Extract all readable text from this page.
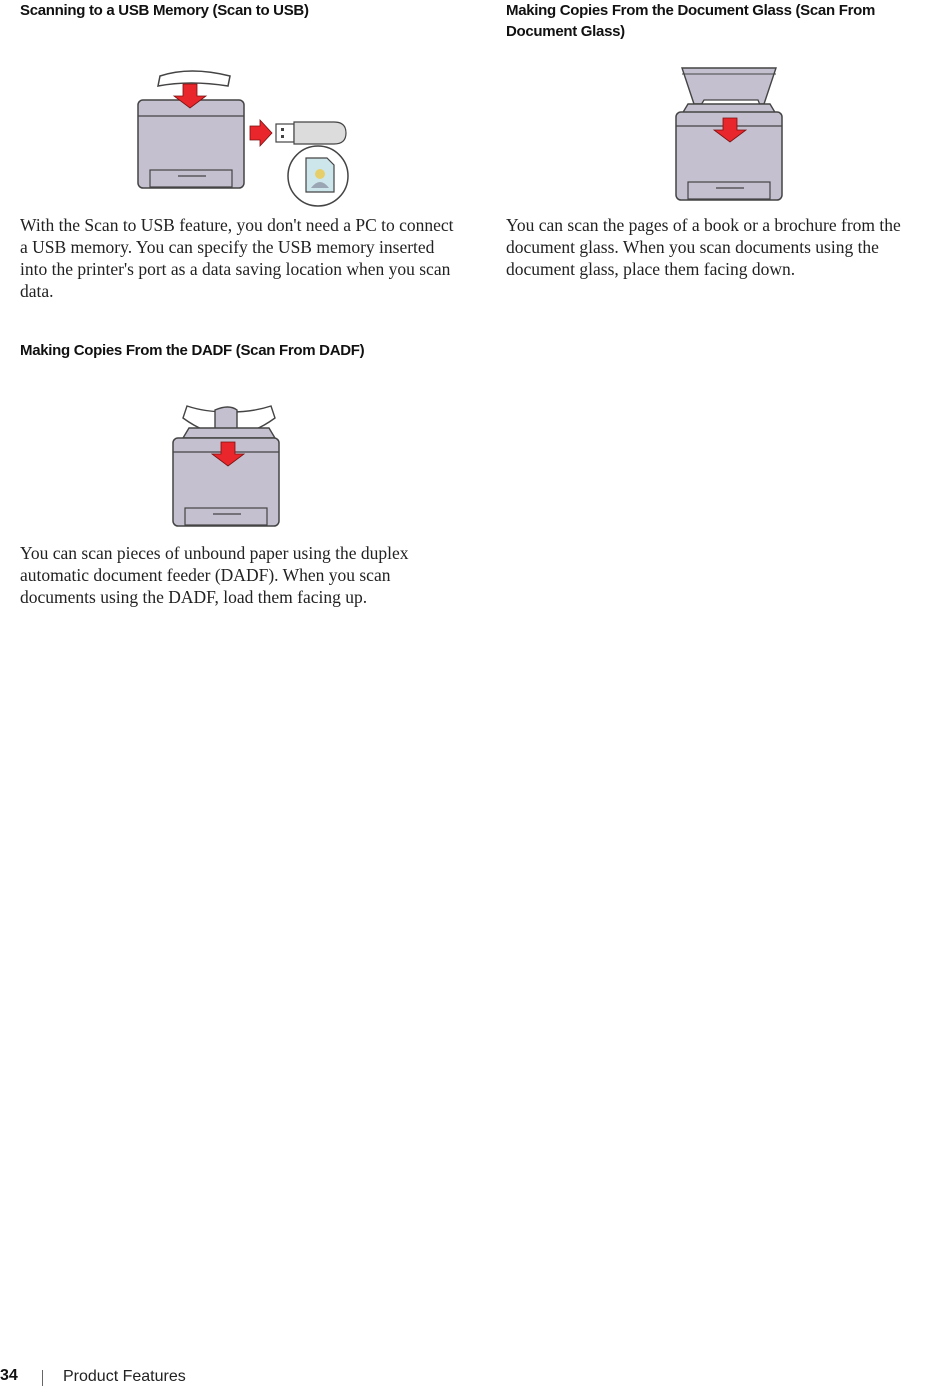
Scanning to a USB Memory (Scan to USB)

With the Scan to USB feature, you don't need a PC to connect a USB memory. You can specify the USB memory inserted into the printer's port as a data saving location when you scan data.

Making Copies From the DADF (Scan From DADF)

You can scan pieces of unbound paper using the duplex automatic document feeder (DADF). When you scan documents using the DADF, load them facing up.

Making Copies From the Document Glass (Scan From Document Glass)

You can scan the pages of a book or a brochure from the document glass. When you scan documents using the document glass, place them facing down.

34	Product Features
